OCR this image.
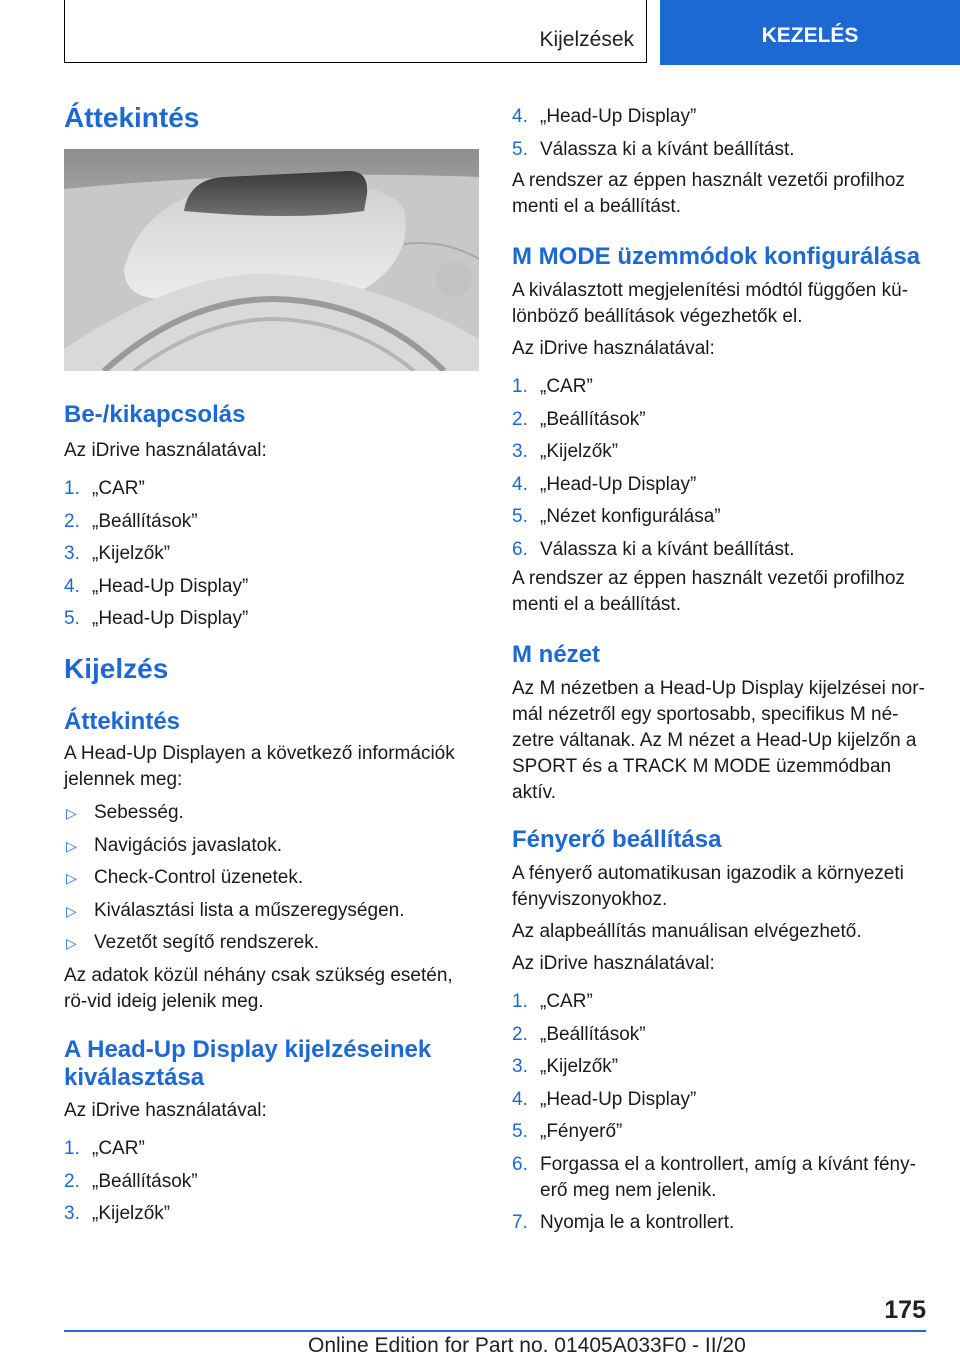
Kijelzések	KEZELÉS
Áttekintés
Be-/kikapcsolás

Az iDrive használatával:

1. „CAR”
2. „Beállítások”
3. „Kijelzők”
4. „Head-Up Display”
5. „Head-Up Display”
Kijelzés
Áttekintés

A Head-Up Displayen a következő információk jelennek meg:

▷ Sebesség.
▷ Navigációs javaslatok.
▷ Check-Control üzenetek.
▷ Kiválasztási lista a műszeregységen.
▷ Vezetőt segítő rendszerek.

Az adatok közül néhány csak szükség esetén, rö-vid ideig jelenik meg.

A Head-Up Display kijelzéseinek kiválasztása

Az iDrive használatával:

1. „CAR”
2. „Beállítások”
3. „Kijelzők”
4. „Head-Up Display”
5. Válassza ki a kívánt beállítást.

A rendszer az éppen használt vezetői profilhoz menti el a beállítást.

M MODE üzemmódok konfigurálása

A kiválasztott megjelenítési módtól függően kü-lönböző beállítások végezhetők el.

Az iDrive használatával:

1. „CAR”
2. „Beállítások”
3. „Kijelzők”
4. „Head-Up Display”
5. „Nézet konfigurálása”
6. Válassza ki a kívánt beállítást.

A rendszer az éppen használt vezetői profilhoz menti el a beállítást.

M nézet

Az M nézetben a Head-Up Display kijelzései nor-mál nézetről egy sportosabb, specifikus M né-zetre váltanak. Az M nézet a Head-Up kijelzőn a SPORT és a TRACK M MODE üzemmódban aktív.

Fényerő beállítása

A fényerő automatikusan igazodik a környezeti fényviszonyokhoz.

Az alapbeállítás manuálisan elvégezhető.

Az iDrive használatával:

1. „CAR”
2. „Beállítások”
3. „Kijelzők”
4. „Head-Up Display”
5. „Fényerő”
6. Forgassa el a kontrollert, amíg a kívánt fény-erő meg nem jelenik.
7. Nyomja le a kontrollert.
175
Online Edition for Part no. 01405A033F0 - II/20
